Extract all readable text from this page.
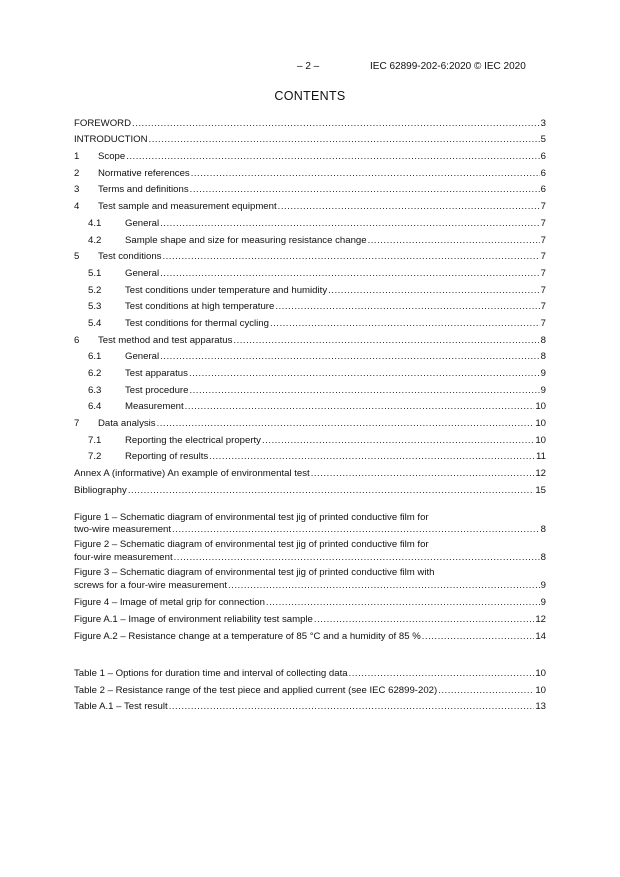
– 2 –	IEC 62899-202-6:2020 © IEC 2020
CONTENTS
FOREWORD .....	3
INTRODUCTION .....	5
1	Scope .....	6
2	Normative references .....	6
3	Terms and definitions .....	6
4	Test sample and measurement equipment .....	7
4.1	General .....	7
4.2	Sample shape and size for measuring resistance change .....	7
5	Test conditions .....	7
5.1	General .....	7
5.2	Test conditions under temperature and humidity .....	7
5.3	Test conditions at high temperature .....	7
5.4	Test conditions for thermal cycling .....	7
6	Test method and test apparatus .....	8
6.1	General .....	8
6.2	Test apparatus .....	9
6.3	Test procedure .....	9
6.4	Measurement .....	10
7	Data analysis .....	10
7.1	Reporting the electrical property .....	10
7.2	Reporting of results .....	11
Annex A (informative) An example of environmental test .....	12
Bibliography .....	15
Figure 1 – Schematic diagram of environmental test jig of printed conductive film for
two-wire measurement .....	8
Figure 2 – Schematic diagram of environmental test jig of printed conductive film for
four-wire measurement .....	8
Figure 3 – Schematic diagram of environmental test jig of printed conductive film with
screws for a four-wire measurement .....	9
Figure 4 – Image of metal grip for connection .....	9
Figure A.1 – Image of environment reliability test sample .....	12
Figure A.2 – Resistance change at a temperature of 85 °C and a humidity of 85 % .....	14
Table 1 – Options for duration time and interval of collecting data .....	10
Table 2 – Resistance range of the test piece and applied current (see IEC 62899-202) .....	10
Table A.1 – Test result .....	13
